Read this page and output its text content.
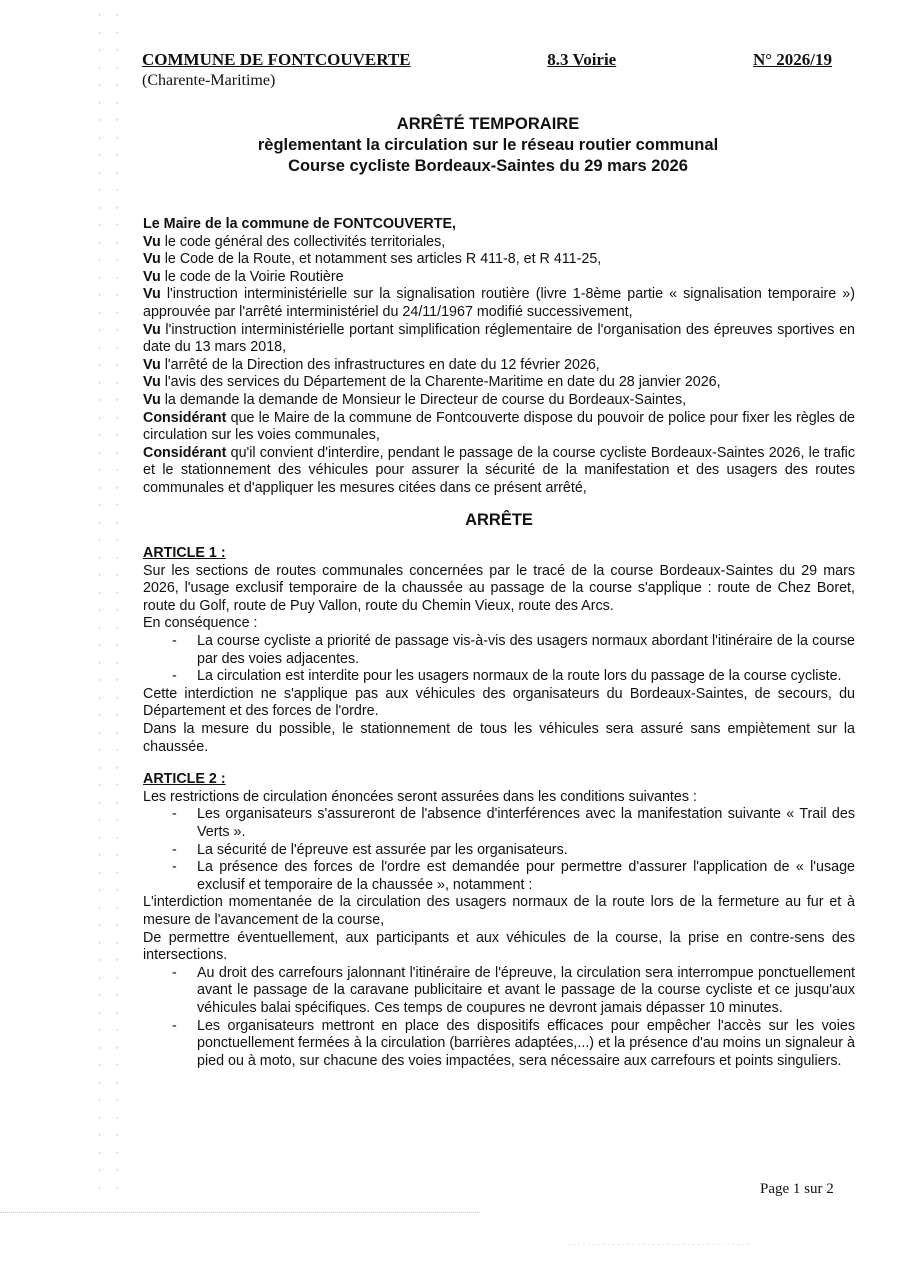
· ·
· ·
· ·
· ·
· ·
· ·
· ·
· ·
· ·
· ·
· ·
· ·
· ·
· ·
· ·
· ·
· ·
· ·
· ·
· ·
· ·
· ·
· ·
· ·
· ·
· ·
· ·
· ·
· ·
· ·
· ·
· ·
· ·
· ·
· ·
· ·
· ·
· ·
· ·
· ·
· ·
· ·
· ·
· ·
· ·
· ·
· ·
· ·
· ·
· ·
· ·
· ·
· ·
· ·
· ·
· ·
· ·
· ·
· ·
· ·
· ·
· ·
· ·
· ·
· ·
· ·
· ·
· ·
COMMUNE DE FONTCOUVERTE	8.3 Voirie	N° 2026/19
(Charente-Maritime)
ARRÊTÉ TEMPORAIRE
règlementant la circulation sur le réseau routier communal
Course cycliste Bordeaux-Saintes du 29 mars 2026

Le Maire de la commune de FONTCOUVERTE,

Vu le code général des collectivités territoriales,

Vu le Code de la Route, et notamment ses articles R 411-8, et R 411-25,

Vu le code de la Voirie Routière

Vu l'instruction interministérielle sur la signalisation routière (livre 1-8ème partie « signalisation temporaire ») approuvée par l'arrêté interministériel du 24/11/1967 modifié successivement,

Vu l'instruction interministérielle portant simplification réglementaire de l'organisation des épreuves sportives en date du 13 mars 2018,

Vu l'arrêté de la Direction des infrastructures en date du 12 février 2026,

Vu l'avis des services du Département de la Charente-Maritime en date du 28 janvier 2026,

Vu la demande la demande de Monsieur le Directeur de course du Bordeaux-Saintes,

Considérant que le Maire de la commune de Fontcouverte dispose du pouvoir de police pour fixer les règles de circulation sur les voies communales,

Considérant qu'il convient d'interdire, pendant le passage de la course cycliste Bordeaux-Saintes 2026, le trafic et le stationnement des véhicules pour assurer la sécurité de la manifestation et des usagers des routes communales et d'appliquer les mesures citées dans ce présent arrêté,

ARRÊTE

ARTICLE 1 :

Sur les sections de routes communales concernées par le tracé de la course Bordeaux-Saintes du 29 mars 2026, l'usage exclusif temporaire de la chaussée au passage de la course s'applique : route de Chez Boret, route du Golf, route de Puy Vallon, route du Chemin Vieux, route des Arcs.

En conséquence :

- La course cycliste a priorité de passage vis-à-vis des usagers normaux abordant l'itinéraire de la course par des voies adjacentes.
- La circulation est interdite pour les usagers normaux de la route lors du passage de la course cycliste.

Cette interdiction ne s'applique pas aux véhicules des organisateurs du Bordeaux-Saintes, de secours, du Département et des forces de l'ordre.

Dans la mesure du possible, le stationnement de tous les véhicules sera assuré sans empiètement sur la chaussée.

ARTICLE 2 :

Les restrictions de circulation énoncées seront assurées dans les conditions suivantes :

- Les organisateurs s'assureront de l'absence d'interférences avec la manifestation suivante « Trail des Verts ».
- La sécurité de l'épreuve est assurée par les organisateurs.
- La présence des forces de l'ordre est demandée pour permettre d'assurer l'application de « l'usage exclusif et temporaire de la chaussée », notamment :

L'interdiction momentanée de la circulation des usagers normaux de la route lors de la fermeture au fur et à mesure de l'avancement de la course,

De permettre éventuellement, aux participants et aux véhicules de la course, la prise en contre-sens des intersections.

- Au droit des carrefours jalonnant l'itinéraire de l'épreuve, la circulation sera interrompue ponctuellement avant le passage de la caravane publicitaire et avant le passage de la course cycliste et ce jusqu'aux véhicules balai spécifiques. Ces temps de coupures ne devront jamais dépasser 10 minutes.
- Les organisateurs mettront en place des dispositifs efficaces pour empêcher l'accès sur les voies ponctuellement fermées à la circulation (barrières adaptées,...) et la présence d'au moins un signaleur à pied ou à moto, sur chacune des voies impactées, sera nécessaire aux carrefours et points singuliers.
Page 1 sur 2
· · · · · · · · · · · · · · · · · · · · · · · · · · · · · · · · · · · · ·
